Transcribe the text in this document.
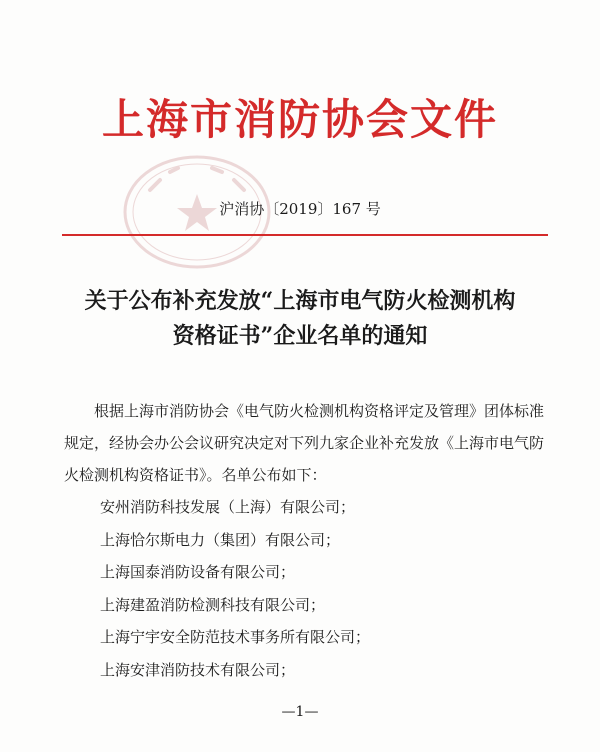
上海市消防协会文件
沪消协〔2019〕167 号
关于公布补充发放“上海市电气防火检测机构
资格证书”企业名单的通知
根据上海市消防协会《电气防火检测机构资格评定及管理》团体标准规定，经协会办公会议研究决定对下列九家企业补充发放《上海市电气防火检测机构资格证书》。名单公布如下：
安州消防科技发展（上海）有限公司；
上海恰尔斯电力（集团）有限公司；
上海国泰消防设备有限公司；
上海建盈消防检测科技有限公司；
上海宁宇安全防范技术事务所有限公司；
上海安津消防技术有限公司；
—1—
